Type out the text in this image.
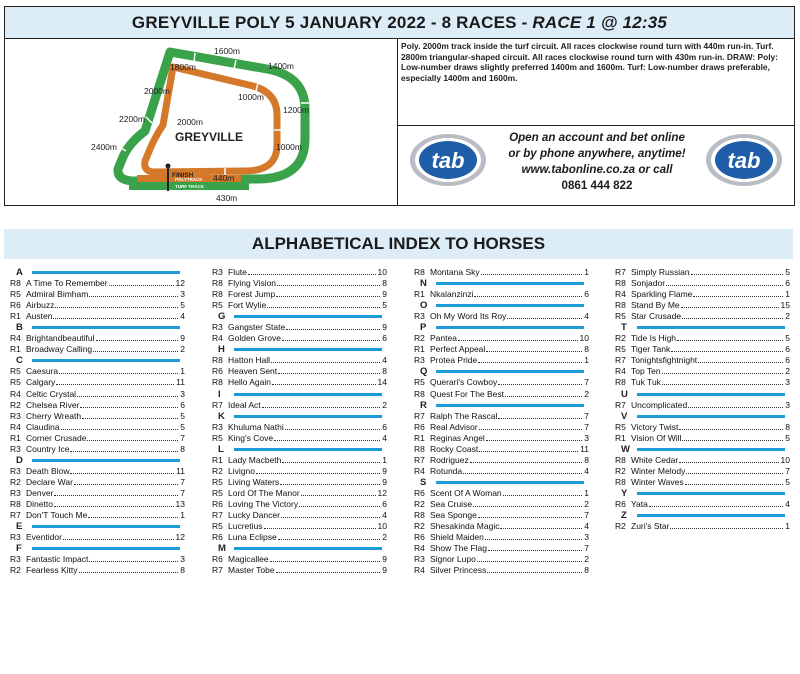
GREYVILLE POLY 5 JANUARY 2022 - 8 RACES - RACE 1 @ 12:35
1600m
1800m	1400m
2000m
1000m
1200m
2200m	2000m
1000m
2400m
440m
430m
FINISH
POLYTRACK
TURF TRACK
GREYVILLE
Poly. 2000m track inside the turf circuit. All races clockwise round turn with 440m run-in. Turf. 2800m triangular-shaped circuit. All races clockwise round turn with 430m run-in. DRAW: Poly: Low-number draws slightly preferred 1400m and 1600m. Turf: Low-number draws preferable, especially 1400m and 1600m.
tab
Open an account and bet online
or by phone anywhere, anytime!
www.tabonline.co.za or call
0861 444 822
tab
ALPHABETICAL INDEX TO HORSES
A
R8 A Time To Remember	12
R5 Admiral Bimham	3
R6 Airbuzz	5
R1 Austen	4
B
R4 Brightandbeautiful	9
R1 Broadway Calling	2
C
R5 Caesura	1
R5 Calgary	11
R4 Celtic Crystal	3
R2 Chelsea River	6
R3 Cherry Wreath	5
R4 Claudina	5
R1 Corner Crusade	7
R3 Country Ice	8
D
R3 Death Blow	11
R2 Declare War	7
R3 Denver	7
R8 Dinetto	13
R7 Don'T Touch Me	1
E
R3 Eventidor	12
F
R3 Fantastic Impact	3
R2 Fearless Kitty	8
R3 Flute	10
R8 Flying Vision	8
R8 Forest Jump	9
R5 Fort Wylie	5
G
R3 Gangster State	9
R4 Golden Grove	6
H
R8 Hatton Hall	4
R6 Heaven Sent	8
R8 Hello Again	14
I
R7 Ideal Act	2
K
R3 Khuluma Nathi	6
R5 King's Cove	4
L
R1 Lady Macbeth	1
R2 Livigno	9
R5 Living Waters	9
R5 Lord Of The Manor	12
R6 Loving The Victory	6
R7 Lucky Dancer	4
R5 Lucretius	10
R6 Luna Eclipse	2
M
R6 Magicallee	9
R7 Master Tobe	9
R8 Montana Sky	1
N
R1 Nkalanzinzi	6
O
R3 Oh My Word Its Roy	4
P
R2 Pantea	10
R1 Perfect Appeal	8
R3 Protea Pride	1
Q
R5 Querari's Cowboy	7
R8 Quest For The Best	2
R
R7 Ralph The Rascal	7
R6 Real Advisor	7
R1 Reginas Angel	3
R8 Rocky Coast	11
R7 Rodriguez	8
R4 Rotunda	4
S
R6 Scent Of A Woman	1
R2 Sea Cruise	2
R8 Sea Sponge	7
R2 Shesakinda Magic	4
R6 Shield Maiden	3
R4 Show The Flag	7
R3 Signor Lupo	2
R4 Silver Princess	8
R7 Simply Russian	5
R8 Sonjador	6
R4 Sparkling Flame	1
R8 Stand By Me	15
R5 Star Crusade	2
T
R2 Tide Is High	5
R5 Tiger Tank	6
R7 Tonightsfightnight	6
R4 Top Ten	2
R8 Tuk Tuk	3
U
R7 Uncomplicated	3
V
R5 Victory Twist	8
R1 Vision Of Will	5
W
R8 White Cedar	10
R2 Winter Melody	7
R8 Winter Waves	5
Y
R6 Yata	4
Z
R2 Zuri's Star	1
